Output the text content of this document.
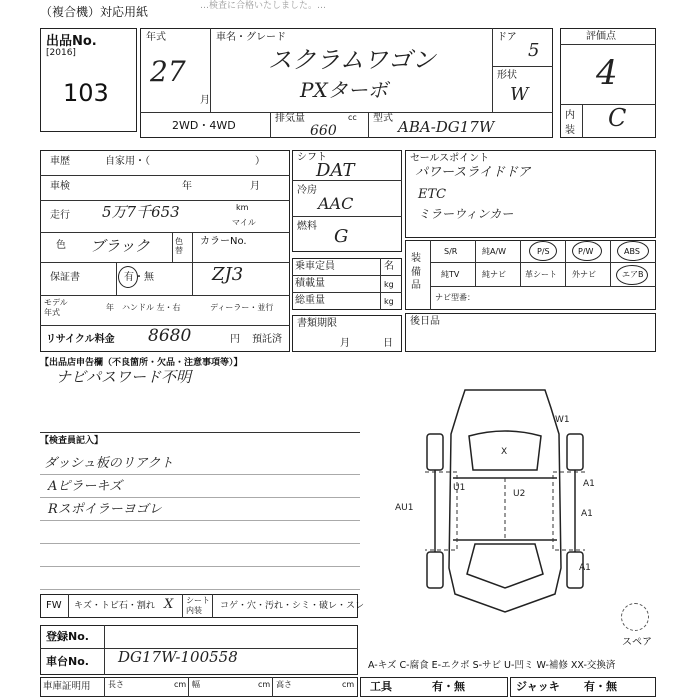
（複合機）対応用紙	…検査に合格いたしました。…
出品No.
[2016]
103
年式
27
月
車名・グレード
スクラムワゴン
PXターボ
ドア
5
形状
W
2WD・4WD
排気量	cc
660
型式 ABA-DG17W
評価点
4
内装 C
車歴	自家用・（	）
車検	年	月
走行 5万7千653	km
マイル
色 ブラック	色替
カラーNo.
ZJ3
保証書	有・無
モデル
年式
年 ハンドル 左・右	ディーラー・並行
リサイクル料金 8680	円 預託済
シフト
DAT
冷房
AAC
燃料 G
乗車定員	名
積載量	kg
総重量	kg
書類期限
月	日
セールスポイント
パワースライドドア
ETC
ミラーウィンカー
装備品
S/R	純A/W	P/S	P/W	ABS
純TV	純ナビ 革シート 外ナビ	エアB
ナビ型番：
後日品
【出品店申告欄（不良箇所・欠品・注意事項等）】
ナビパスワード不明
【検査員記入】
ダッシュ板のリアクト
Aピラーキズ
Rスポイラーヨゴレ
W1
X
U1
U2
A1
A1
AU1
A1
スペア
FW キズ・トビ石・割れ X シート
内装 コゲ・穴・汚れ・シミ・破レ・スレ
登録No.
車台No. DG17W-100558	A-キズ C-腐食 E-エクボ S-サビ U-凹ミ W-補修 XX-交換済
車庫証明用 長さ	cm 幅	cm 高さ	cm 工具	有・無	ジャッキ 有・無
